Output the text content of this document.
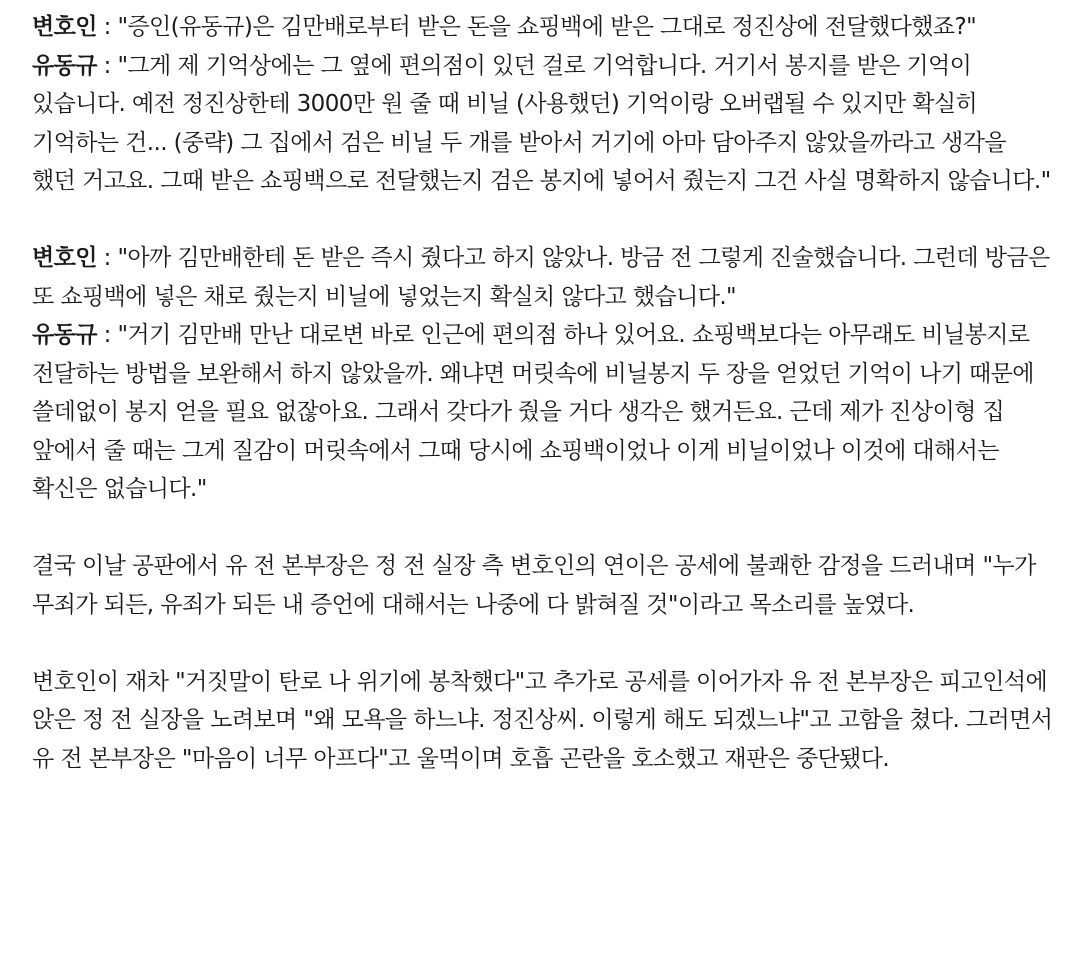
변호인 : "증인(유동규)은 김만배로부터 받은 돈을 쇼핑백에 받은 그대로 정진상에 전달했다했죠?"

유동규 : "그게 제 기억상에는 그 옆에 편의점이 있던 걸로 기억합니다. 거기서 봉지를 받은 기억이 있습니다. 예전 정진상한테 3000만 원 줄 때 비닐 (사용했던) 기억이랑 오버랩될 수 있지만 확실히 기억하는 건... (중략) 그 집에서 검은 비닐 두 개를 받아서 거기에 아마 담아주지 않았을까라고 생각을 했던 거고요. 그때 받은 쇼핑백으로 전달했는지 검은 봉지에 넣어서 줬는지 그건 사실 명확하지 않습니다."

변호인 : "아까 김만배한테 돈 받은 즉시 줬다고 하지 않았나. 방금 전 그렇게 진술했습니다. 그런데 방금은 또 쇼핑백에 넣은 채로 줬는지 비닐에 넣었는지 확실치 않다고 했습니다."

유동규 : "거기 김만배 만난 대로변 바로 인근에 편의점 하나 있어요. 쇼핑백보다는 아무래도 비닐봉지로 전달하는 방법을 보완해서 하지 않았을까. 왜냐면 머릿속에 비닐봉지 두 장을 얻었던 기억이 나기 때문에 쓸데없이 봉지 얻을 필요 없잖아요. 그래서 갖다가 줬을 거다 생각은 했거든요. 근데 제가 진상이형 집 앞에서 줄 때는 그게 질감이 머릿속에서 그때 당시에 쇼핑백이었나 이게 비닐이었나 이것에 대해서는 확신은 없습니다."

결국 이날 공판에서 유 전 본부장은 정 전 실장 측 변호인의 연이은 공세에 불쾌한 감정을 드러내며 "누가 무죄가 되든, 유죄가 되든 내 증언에 대해서는 나중에 다 밝혀질 것"이라고 목소리를 높였다.

변호인이 재차 "거짓말이 탄로 나 위기에 봉착했다"고 추가로 공세를 이어가자 유 전 본부장은 피고인석에 앉은 정 전 실장을 노려보며 "왜 모욕을 하느냐. 정진상씨. 이렇게 해도 되겠느냐"고 고함을 쳤다. 그러면서 유 전 본부장은 "마음이 너무 아프다"고 울먹이며 호흡 곤란을 호소했고 재판은 중단됐다.
